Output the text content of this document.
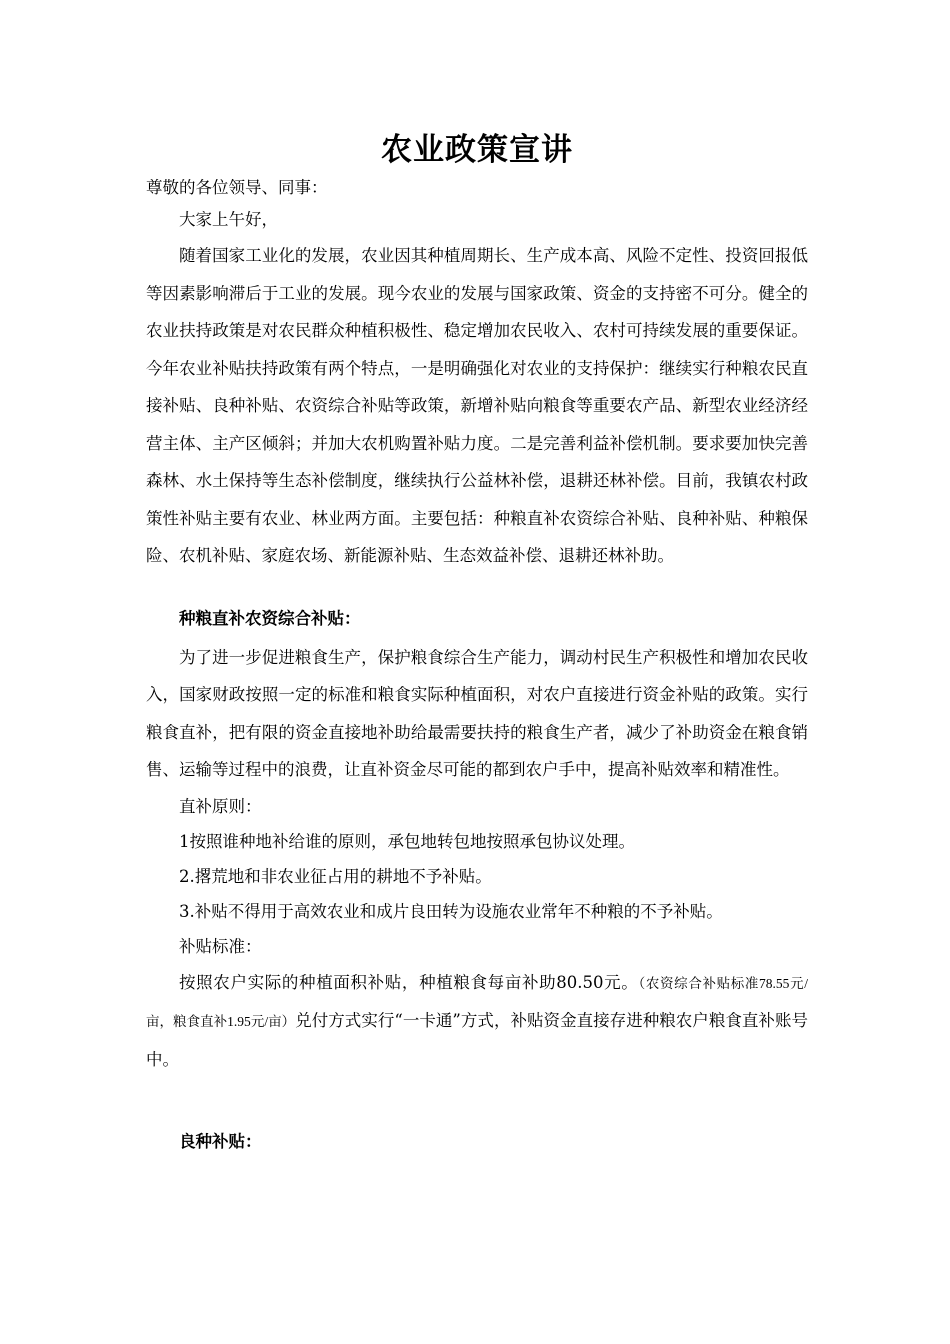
农业政策宣讲

尊敬的各位领导、同事：

大家上午好，

随着国家工业化的发展，农业因其种植周期长、生产成本高、风险不定性、投资回报低等因素影响滞后于工业的发展。现今农业的发展与国家政策、资金的支持密不可分。健全的农业扶持政策是对农民群众种植积极性、稳定增加农民收入、农村可持续发展的重要保证。今年农业补贴扶持政策有两个特点，一是明确强化对农业的支持保护：继续实行种粮农民直接补贴、良种补贴、农资综合补贴等政策，新增补贴向粮食等重要农产品、新型农业经济经营主体、主产区倾斜；并加大农机购置补贴力度。二是完善利益补偿机制。要求要加快完善森林、水土保持等生态补偿制度，继续执行公益林补偿，退耕还林补偿。目前，我镇农村政策性补贴主要有农业、林业两方面。主要包括：种粮直补农资综合补贴、良种补贴、种粮保险、农机补贴、家庭农场、新能源补贴、生态效益补偿、退耕还林补助。

种粮直补农资综合补贴：

为了进一步促进粮食生产，保护粮食综合生产能力，调动村民生产积极性和增加农民收入，国家财政按照一定的标准和粮食实际种植面积，对农户直接进行资金补贴的政策。实行粮食直补，把有限的资金直接地补助给最需要扶持的粮食生产者，减少了补助资金在粮食销售、运输等过程中的浪费，让直补资金尽可能的都到农户手中，提高补贴效率和精准性。

直补原则：

1按照谁种地补给谁的原则，承包地转包地按照承包协议处理。

2.撂荒地和非农业征占用的耕地不予补贴。

3.补贴不得用于高效农业和成片良田转为设施农业常年不种粮的不予补贴。

补贴标准：

按照农户实际的种植面积补贴，种植粮食每亩补助80.50元。（农资综合补贴标准78.55元/亩，粮食直补1.95元/亩）兑付方式实行“一卡通”方式，补贴资金直接存进种粮农户粮食直补账号中。

良种补贴：
